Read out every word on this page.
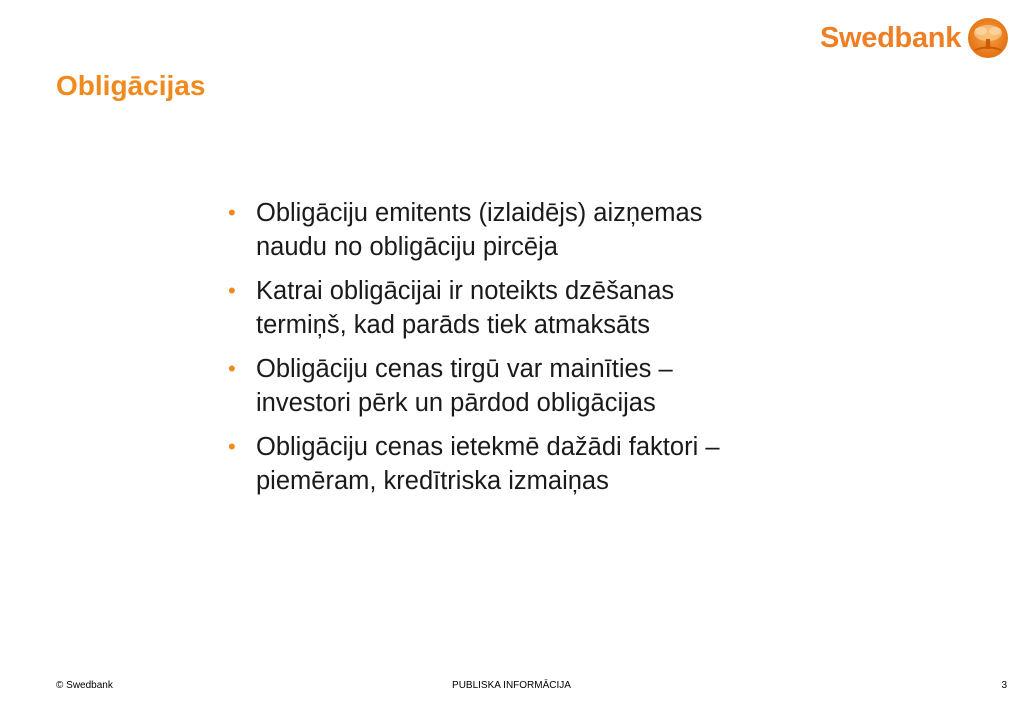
Swedbank
Obligācijas
• Obligāciju emitents (izlaidējs) aizņemas
naudu no obligāciju pircēja
• Katrai obligācijai ir noteikts dzēšanas
termiņš, kad parāds tiek atmaksāts
• Obligāciju cenas tirgū var mainīties –
investori pērk un pārdod obligācijas
• Obligāciju cenas ietekmē dažādi faktori –
piemēram, kredītriska izmaiņas
© Swedbank	PUBLISKA INFORMĀCIJA	3
